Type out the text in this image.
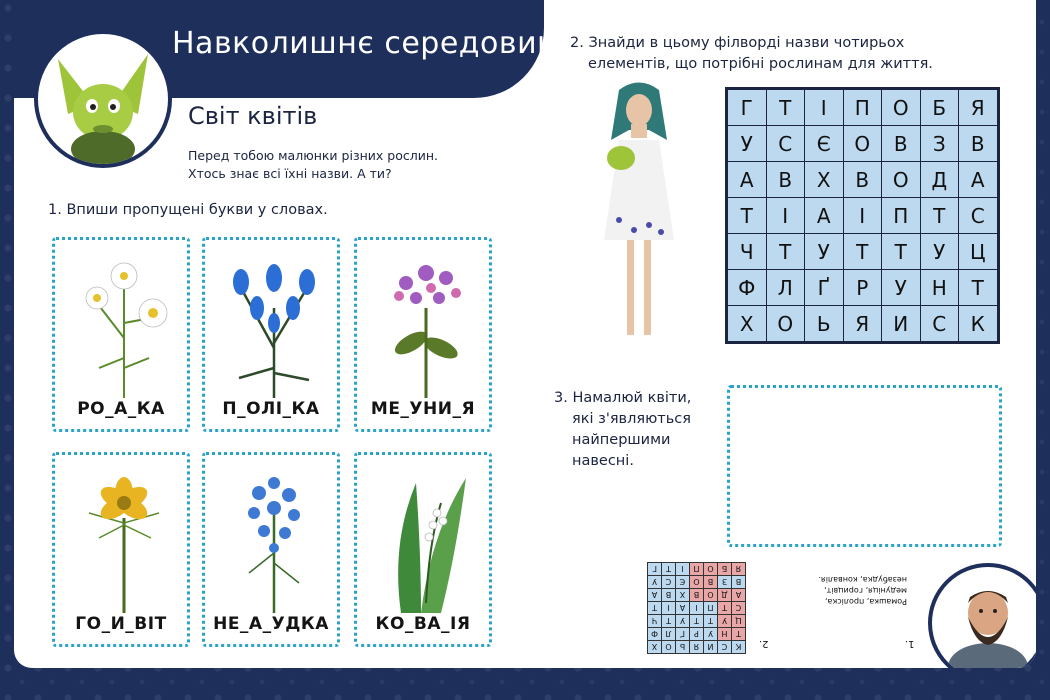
Навколишнє середовище
Світ квітів
Перед тобою малюнки різних рослин.
Хтось знає всі їхні назви. А ти?
1. Впиши пропущені букви у словах.
РО_А_КА	П_ОЛІ_КА	МЕ_УНИ_Я
ГО_И_ВІТ	НЕ_А_УДКА	КО_ВА_ІЯ
2. Знайди в цьому філворді назви чотирьох
елементів, що потрібні рослинам для життя.
Г	Т	І	П	О	Б	Я
У	С	Є	О	В	З	В
А	В	Х	В	О	Д	А
Т	І	А	І	П	Т	С
Ч	Т	У	Т	Т	У	Ц
Ф	Л	Ґ	Р	У	Н	Т
Х	О	Ь	Я	И	С	К
3. Намалюй квіти,
які з'являються
найпершими
навесні.
Г	Т	І	П О	Б	Я
У	С	Є	О	В	З	В
А	В	Х	В	О Д	А
Т	І	А	І	П	Т	С
Ч	Т	У	Т	Т	У	Ц
Ф Л	Ґ	Р	У	Н	Т
Х	О	Ь	Я	И	С	К	2.
Ромашка, пролiска,
медунiця, горицвiт,
незабудка, конвалiя.
1.
